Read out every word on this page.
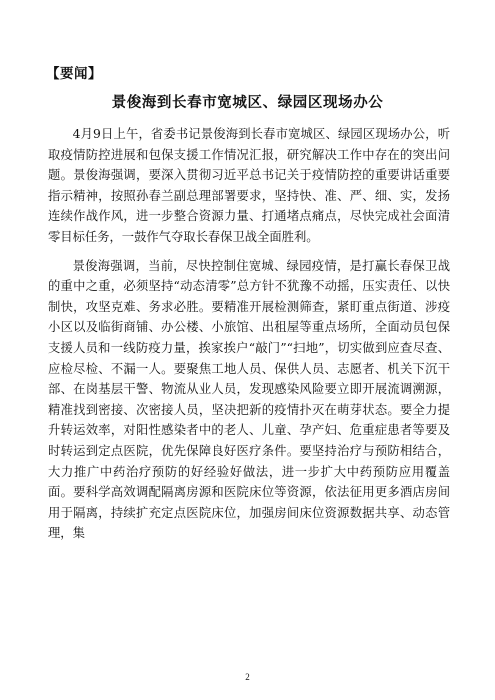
【要闻】
景俊海到长春市宽城区、绿园区现场办公

4月9日上午，省委书记景俊海到长春市宽城区、绿园区现场办公，听取疫情防控进展和包保支援工作情况汇报，研究解决工作中存在的突出问题。景俊海强调，要深入贯彻习近平总书记关于疫情防控的重要讲话重要指示精神，按照孙春兰副总理部署要求，坚持快、准、严、细、实，发扬连续作战作风，进一步整合资源力量、打通堵点痛点，尽快完成社会面清零目标任务，一鼓作气夺取长春保卫战全面胜利。

景俊海强调，当前，尽快控制住宽城、绿园疫情，是打赢长春保卫战的重中之重，必须坚持“动态清零”总方针不犹豫不动摇，压实责任、以快制快，攻坚克难、务求必胜。要精准开展检测筛查，紧盯重点街道、涉疫小区以及临街商铺、办公楼、小旅馆、出租屋等重点场所，全面动员包保支援人员和一线防疫力量，挨家挨户“敲门”“扫地”，切实做到应查尽查、应检尽检、不漏一人。要聚焦工地人员、保供人员、志愿者、机关下沉干部、在岗基层干警、物流从业人员，发现感染风险要立即开展流调溯源，精准找到密接、次密接人员，坚决把新的疫情扑灭在萌芽状态。要全力提升转运效率，对阳性感染者中的老人、儿童、孕产妇、危重症患者等要及时转运到定点医院，优先保障良好医疗条件。要坚持治疗与预防相结合，大力推广中药治疗预防的好经验好做法，进一步扩大中药预防应用覆盖面。要科学高效调配隔离房源和医院床位等资源，依法征用更多酒店房间用于隔离，持续扩充定点医院床位，加强房间床位资源数据共享、动态管理，集

2
